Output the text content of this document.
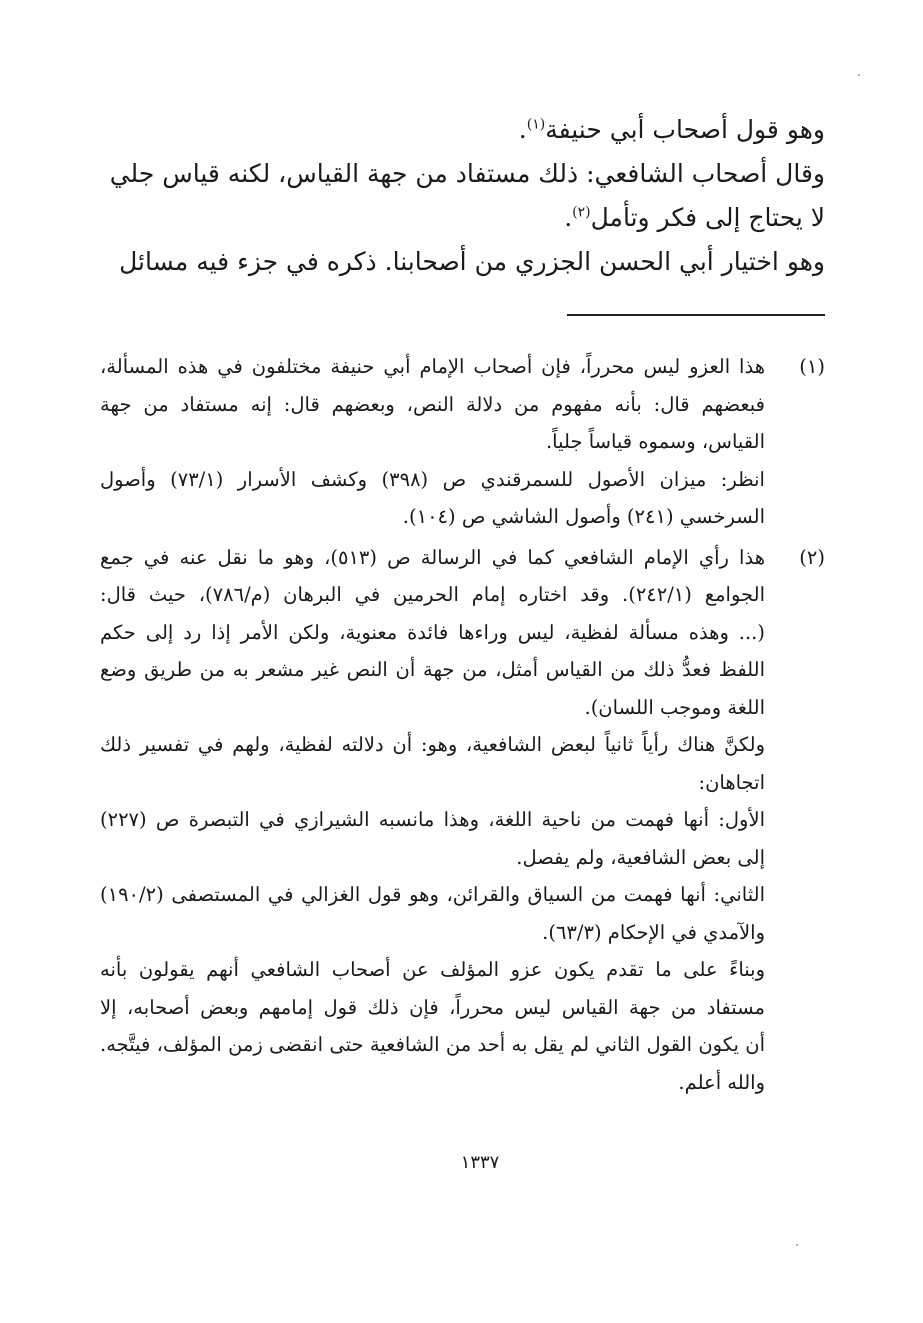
وهو قول أصحاب أبي حنيفة$^{(١)}$.
وقال أصحاب الشافعي: ذلك مستفاد من جهة القياس، لكنه قياس جلي
لا يحتاج إلى فكر وتأمل$^{(٢)}$.
وهو اختيار أبي الحسن الجزري من أصحابنا. ذكره في جزء فيه مسائل
(١)
هذا العزو ليس محرراً، فإن أصحاب الإمام أبي حنيفة مختلفون في هذه المسألة،
فبعضهم قال: بأنه مفهوم من دلالة النص، وبعضهم قال: إنه مستفاد من جهة
القياس، وسموه قياساً جلياً.
انظر: ميزان الأصول للسمرقندي ص (٣٩٨) وكشف الأسرار (٧٣/١) وأصول
السرخسي (٢٤١) وأصول الشاشي ص (١٠٤).
(٢)
هذا رأي الإمام الشافعي كما في الرسالة ص (٥١٣)، وهو ما نقل عنه في جمع
الجوامع (٢٤٢/١). وقد اختاره إمام الحرمين في البرهان (م/٧٨٦)، حيث قال:
(... وهذه مسألة لفظية، ليس وراءها فائدة معنوية، ولكن الأمر إذا رد إلى حكم
اللفظ فعدُّ ذلك من القياس أمثل، من جهة أن النص غير مشعر به من طريق وضع
اللغة وموجب اللسان).
ولكنَّ هناك رأياً ثانياً لبعض الشافعية، وهو: أن دلالته لفظية، ولهم في تفسير ذلك
اتجاهان:
الأول: أنها فهمت من ناحية اللغة، وهذا مانسبه الشيرازي في التبصرة ص (٢٢٧)
إلى بعض الشافعية، ولم يفصل.
الثاني: أنها فهمت من السياق والقرائن، وهو قول الغزالي في المستصفى (١٩٠/٢)
والآمدي في الإحكام (٦٣/٣).
وبناءً على ما تقدم يكون عزو المؤلف عن أصحاب الشافعي أنهم يقولون بأنه
مستفاد من جهة القياس ليس محرراً، فإن ذلك قول إمامهم وبعض أصحابه، إلا
أن يكون القول الثاني لم يقل به أحد من الشافعية حتى انقضى زمن المؤلف، فيتَّجه.
والله أعلم.
١٣٣٧
